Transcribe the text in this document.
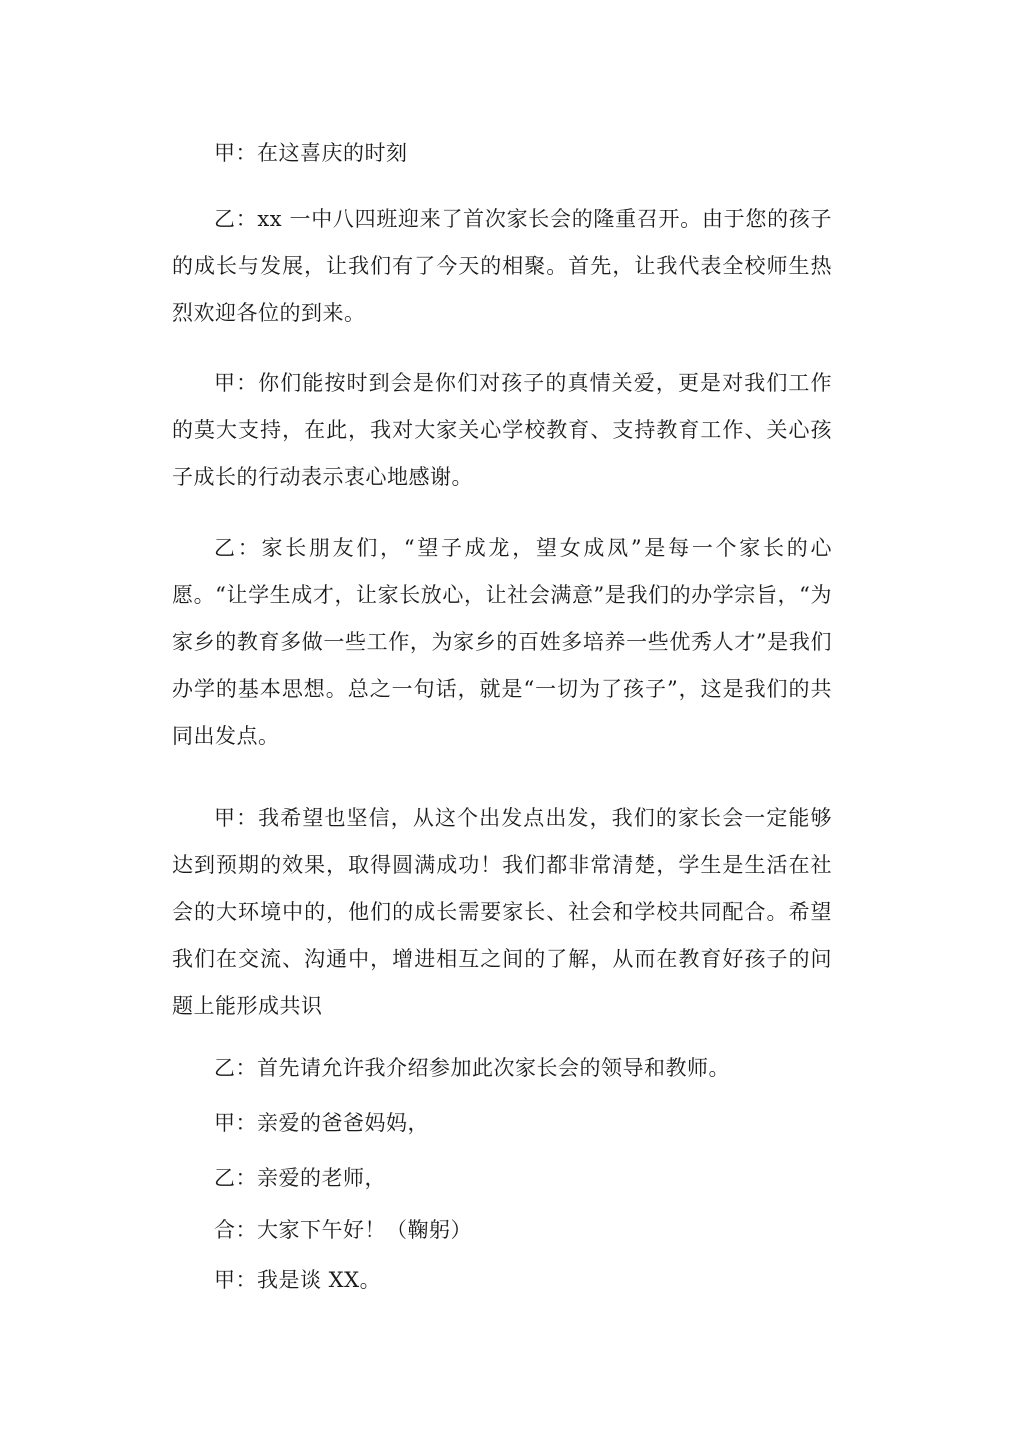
甲：在这喜庆的时刻

乙：xx 一中八四班迎来了首次家长会的隆重召开。由于您的孩子的成长与发展，让我们有了今天的相聚。首先，让我代表全校师生热烈欢迎各位的到来。

甲：你们能按时到会是你们对孩子的真情关爱，更是对我们工作的莫大支持，在此，我对大家关心学校教育、支持教育工作、关心孩子成长的行动表示衷心地感谢。

乙：家长朋友们，“望子成龙，望女成凤”是每一个家长的心愿。“让学生成才，让家长放心，让社会满意”是我们的办学宗旨，“为家乡的教育多做一些工作，为家乡的百姓多培养一些优秀人才”是我们办学的基本思想。总之一句话，就是“一切为了孩子”，这是我们的共同出发点。

甲：我希望也坚信，从这个出发点出发，我们的家长会一定能够达到预期的效果，取得圆满成功！我们都非常清楚，学生是生活在社会的大环境中的，他们的成长需要家长、社会和学校共同配合。希望我们在交流、沟通中，增进相互之间的了解，从而在教育好孩子的问题上能形成共识

乙：首先请允许我介绍参加此次家长会的领导和教师。

甲：亲爱的爸爸妈妈，

乙：亲爱的老师，

合：大家下午好！（鞠躬）

甲：我是谈 XX。
